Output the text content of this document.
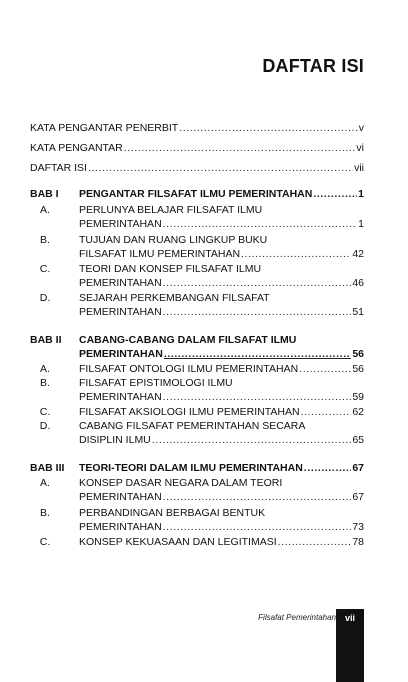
DAFTAR ISI
KATA PENGANTAR PENERBIT .....	v
KATA PENGANTAR .....	vi
DAFTAR ISI .....	vii
BAB I	PENGANTAR FILSAFAT ILMU PEMERINTAHAN .....	1
A.	PERLUNYA BELAJAR FILSAFAT ILMU
PEMERINTAHAN .....	1
B.	TUJUAN DAN RUANG LINGKUP BUKU
FILSAFAT ILMU PEMERINTAHAN .....	42
C.	TEORI DAN KONSEP FILSAFAT ILMU
PEMERINTAHAN .....	46
D.	SEJARAH PERKEMBANGAN FILSAFAT
PEMERINTAHAN .....	51
BAB II	CABANG-CABANG DALAM FILSAFAT ILMU
PEMERINTAHAN .....	56
A.	FILSAFAT ONTOLOGI ILMU PEMERINTAHAN .....	56
B.	FILSAFAT EPISTIMOLOGI ILMU
PEMERINTAHAN .....	59
C.	FILSAFAT AKSIOLOGI ILMU PEMERINTAHAN .....	62
D.	CABANG FILSAFAT PEMERINTAHAN SECARA
DISIPLIN ILMU .....	65
BAB III	TEORI-TEORI DALAM ILMU PEMERINTAHAN .....	67
A.	KONSEP DASAR NEGARA DALAM TEORI
PEMERINTAHAN .....	67
B.	PERBANDINGAN BERBAGAI BENTUK
PEMERINTAHAN .....	73
C.	KONSEP KEKUASAAN DAN LEGITIMASI .....	78
Filsafat Pemerintahan vii
